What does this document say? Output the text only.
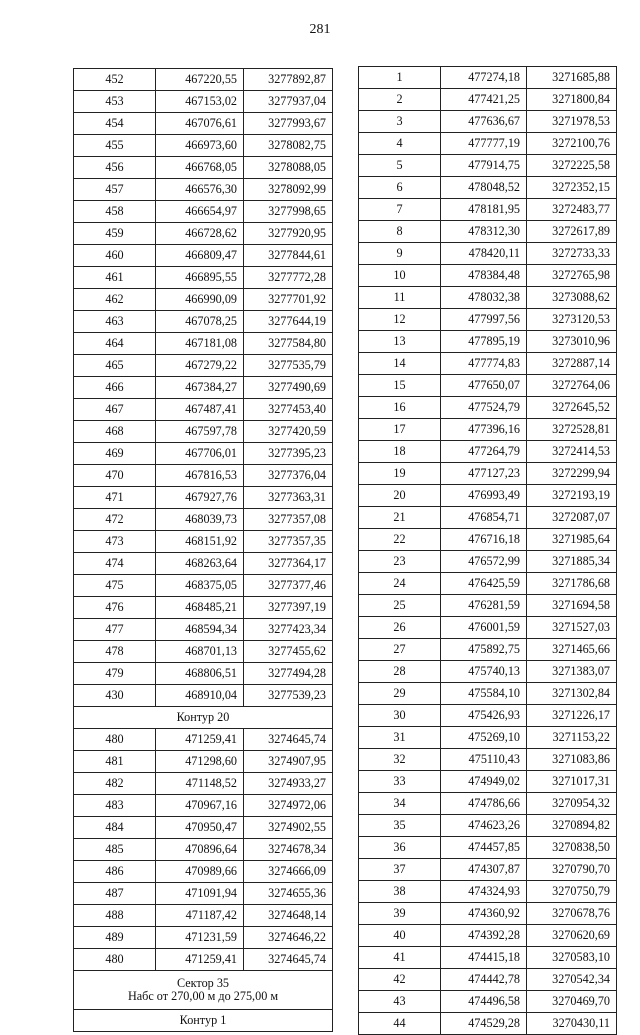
281
452	467220,55	3277892,87
453	467153,02	3277937,04
454	467076,61	3277993,67
455	466973,60	3278082,75
456	466768,05	3278088,05
457	466576,30	3278092,99
458	466654,97	3277998,65
459	466728,62	3277920,95
460	466809,47	3277844,61
461	466895,55	3277772,28
462	466990,09	3277701,92
463	467078,25	3277644,19
464	467181,08	3277584,80
465	467279,22	3277535,79
466	467384,27	3277490,69
467	467487,41	3277453,40
468	467597,78	3277420,59
469	467706,01	3277395,23
470	467816,53	3277376,04
471	467927,76	3277363,31
472	468039,73	3277357,08
473	468151,92	3277357,35
474	468263,64	3277364,17
475	468375,05	3277377,46
476	468485,21	3277397,19
477	468594,34	3277423,34
478	468701,13	3277455,62
479	468806,51	3277494,28
430	468910,04	3277539,23

Контур 20		

480	471259,41	3274645,74
481	471298,60	3274907,95
482	471148,52	3274933,27
483	470967,16	3274972,06
484	470950,47	3274902,55
485	470896,64	3274678,34
486	470989,66	3274666,09
487	471091,94	3274655,36
488	471187,42	3274648,14
489	471231,59	3274646,22
480	471259,41	3274645,74

Сектор 35
Набс от 270,00 м до 275,00 м		

Контур 1		
1	477274,18	3271685,88
2	477421,25	3271800,84
3	477636,67	3271978,53
4	477777,19	3272100,76
5	477914,75	3272225,58
6	478048,52	3272352,15
7	478181,95	3272483,77
8	478312,30	3272617,89
9	478420,11	3272733,33
10	478384,48	3272765,98
11	478032,38	3273088,62
12	477997,56	3273120,53
13	477895,19	3273010,96
14	477774,83	3272887,14
15	477650,07	3272764,06
16	477524,79	3272645,52
17	477396,16	3272528,81
18	477264,79	3272414,53
19	477127,23	3272299,94
20	476993,49	3272193,19
21	476854,71	3272087,07
22	476716,18	3271985,64
23	476572,99	3271885,34
24	476425,59	3271786,68
25	476281,59	3271694,58
26	476001,59	3271527,03
27	475892,75	3271465,66
28	475740,13	3271383,07
29	475584,10	3271302,84
30	475426,93	3271226,17
31	475269,10	3271153,22
32	475110,43	3271083,86
33	474949,02	3271017,31
34	474786,66	3270954,32
35	474623,26	3270894,82
36	474457,85	3270838,50
37	474307,87	3270790,70
38	474324,93	3270750,79
39	474360,92	3270678,76
40	474392,28	3270620,69
41	474415,18	3270583,10
42	474442,78	3270542,34
43	474496,58	3270469,70
44	474529,28	3270430,11
